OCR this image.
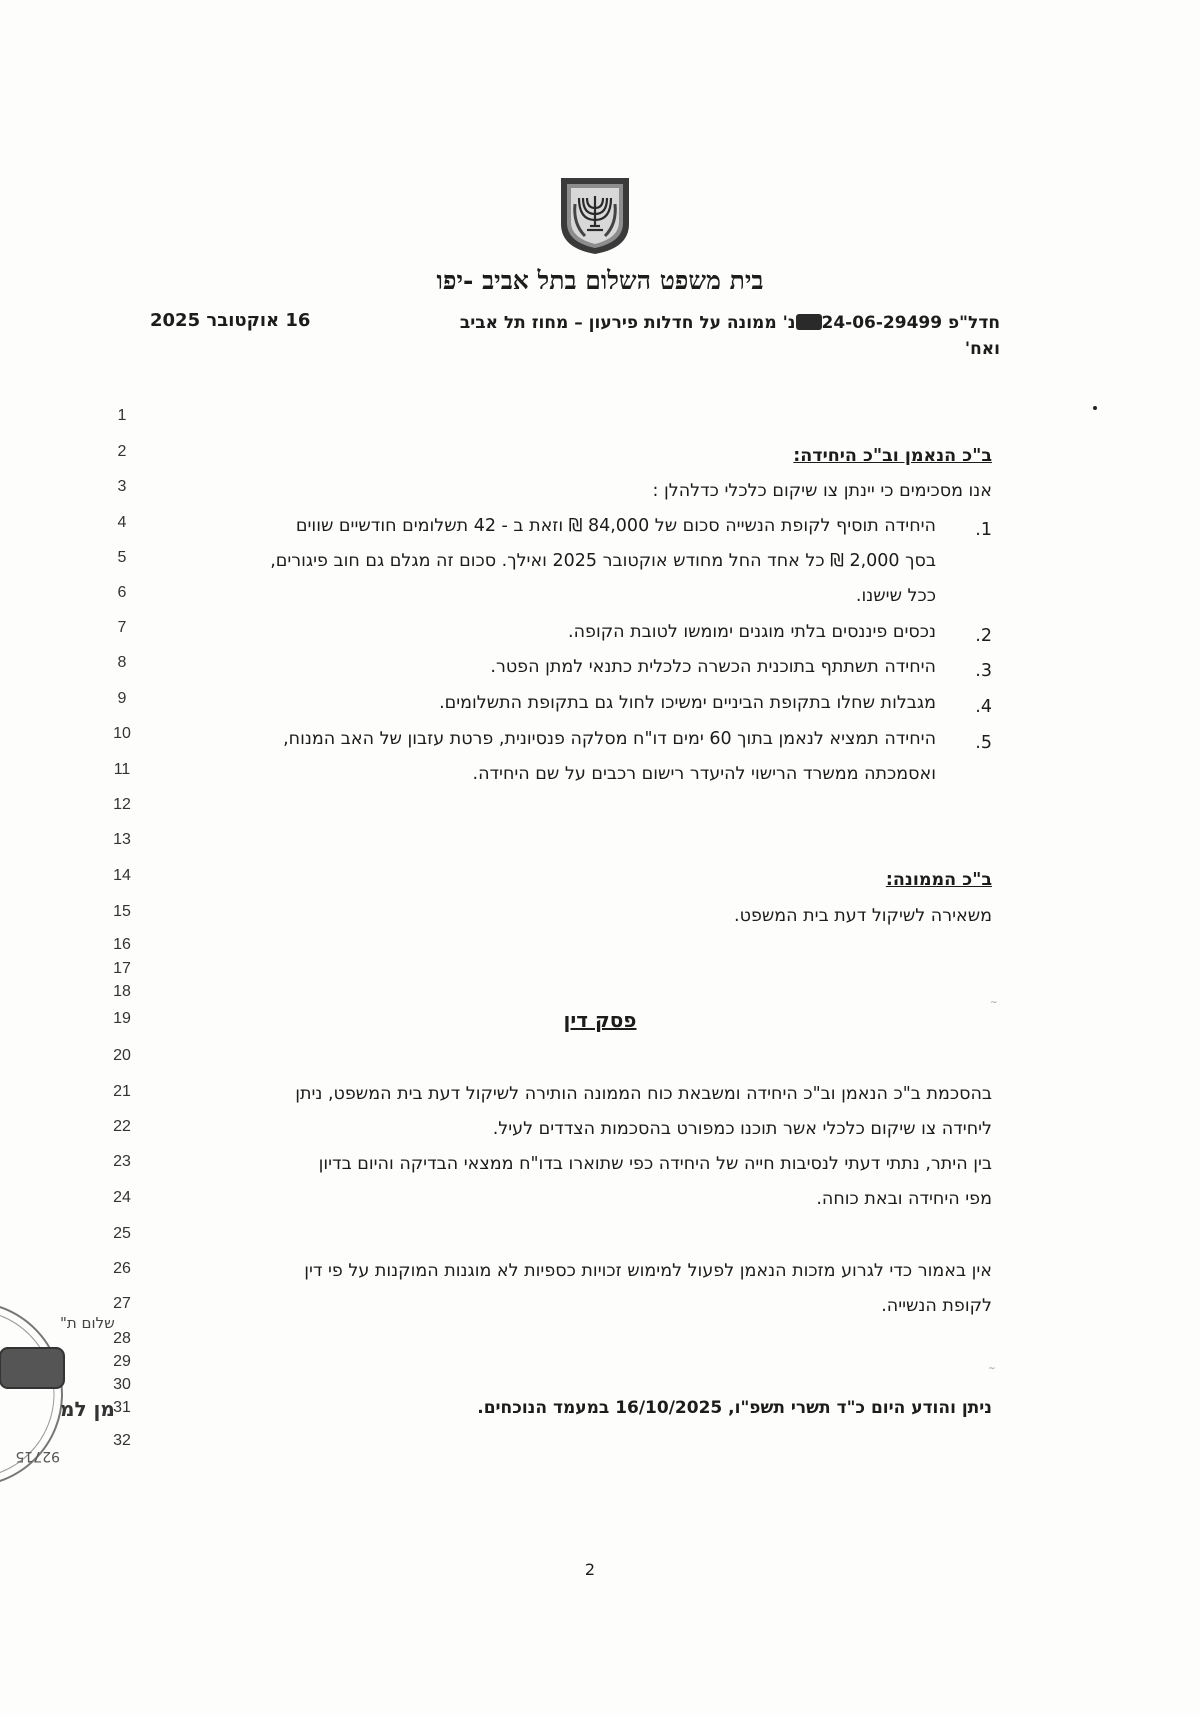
בית משפט השלום בתל אביב -יפו
חדל"פ 24-06-29499נ' ממונה על חדלות פירעון – מחוז תל אביב ואח'
16 אוקטובר 2025
1
2
3
4
5
6
7
8
9
10
11
12
13
14
15
16
17
18
19
20
21
22
23
24
25
26
27
28
29
30
31
32
ב"כ הנאמן וב"כ היחידה:
אנו מסכימים כי יינתן צו שיקום כלכלי כדלהלן :
.1
היחידה תוסיף לקופת הנשייה סכום של 84,000 ₪ וזאת ב - 42 תשלומים חודשיים שווים
בסך 2,000 ₪ כל אחד החל מחודש אוקטובר 2025 ואילך. סכום זה מגלם גם חוב פיגורים,
ככל שישנו.
.2
נכסים פיננסים בלתי מוגנים ימומשו לטובת הקופה.
.3
היחידה תשתתף בתוכנית הכשרה כלכלית כתנאי למתן הפטר.
.4
מגבלות שחלו בתקופת הביניים ימשיכו לחול גם בתקופת התשלומים.
.5
היחידה תמציא לנאמן בתוך 60 ימים דו"ח מסלקה פנסיונית, פרטת עזבון של האב המנוח,
ואסמכתה ממשרד הרישוי להיעדר רישום רכבים על שם היחידה.
ב"כ הממונה:
משאירה לשיקול דעת בית המשפט.
~
פסק דין
בהסכמת ב"כ הנאמן וב"כ היחידה ומשבאת כוח הממונה הותירה לשיקול דעת בית המשפט, ניתן
ליחידה צו שיקום כלכלי אשר תוכנו כמפורט בהסכמות הצדדים לעיל.
בין היתר, נתתי דעתי לנסיבות חייה של היחידה כפי שתוארו בדו"ח ממצאי הבדיקה והיום בדיון
מפי היחידה ובאת כוחה.
אין באמור כדי לגרוע מזכות הנאמן לפעול למימוש זכויות כספיות לא מוגנות המוקנות על פי דין
לקופת הנשייה.
~
ניתן והודע היום כ"ד תשרי תשפ"ו, 16/10/2025 במעמד הנוכחים.
2
שלום ת"
מן למ
92715
